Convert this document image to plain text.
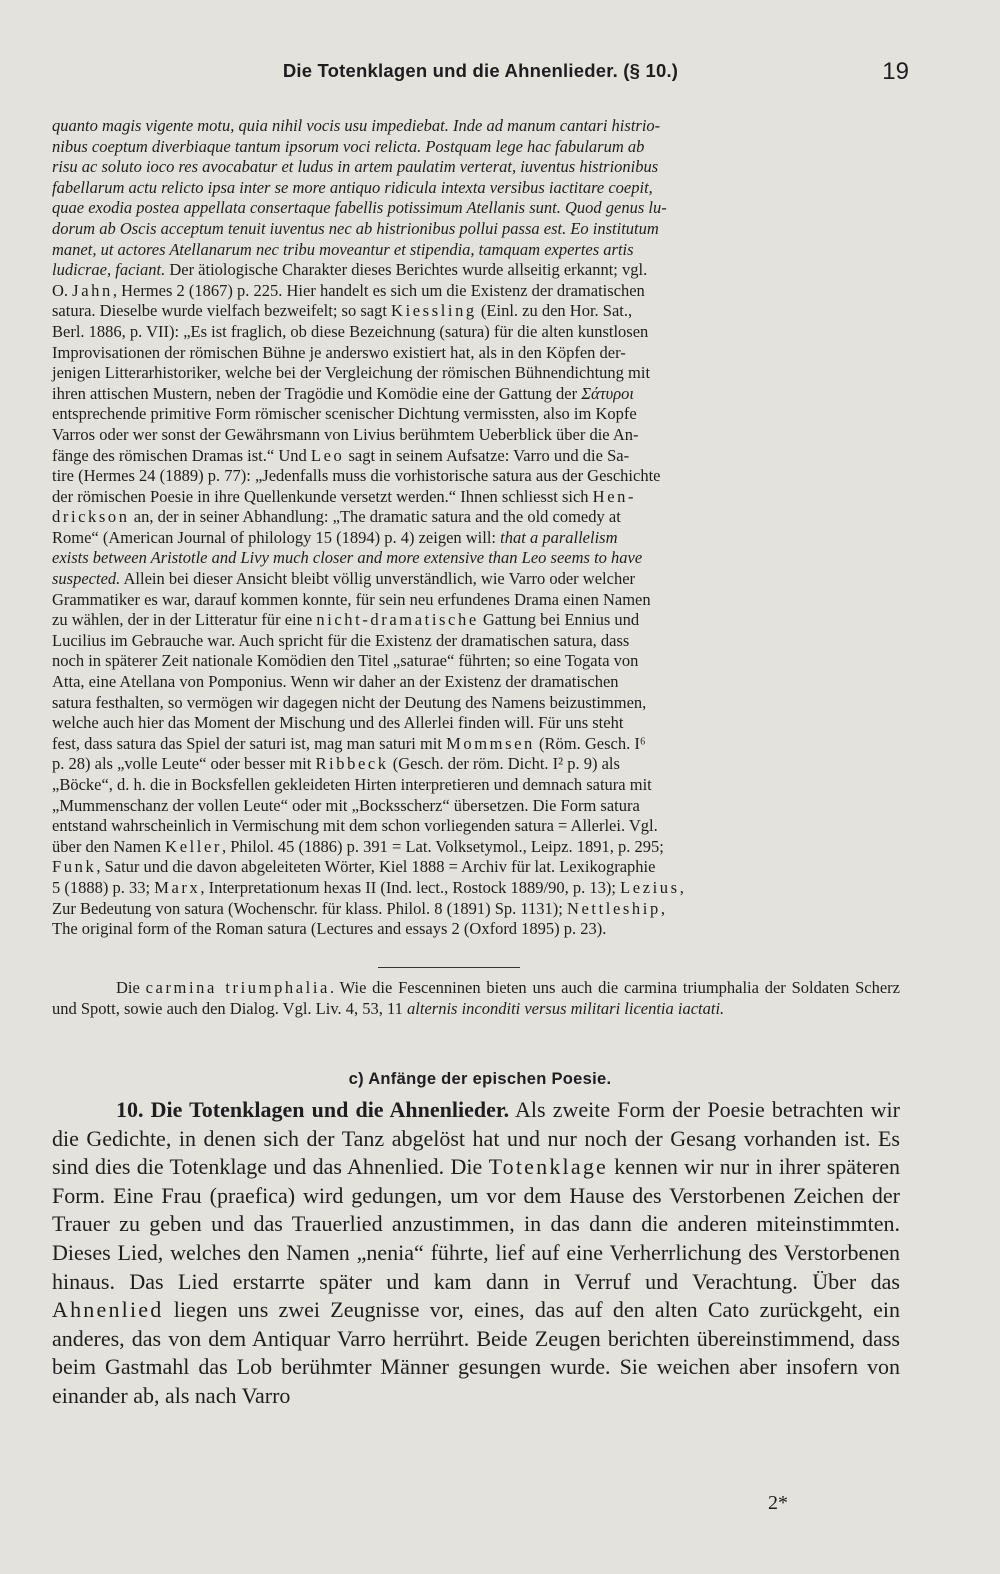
Die Totenklagen und die Ahnenlieder. (§ 10.)	19

quanto magis vigente motu, quia nihil vocis usu impediebat. Inde ad manum cantari histrio-

nibus coeptum diverbiaque tantum ipsorum voci relicta. Postquam lege hac fabularum ab

risu ac soluto ioco res avocabatur et ludus in artem paulatim verterat, iuventus histrionibus

fabellarum actu relicto ipsa inter se more antiquo ridicula intexta versibus iactitare coepit,

quae exodia postea appellata consertaque fabellis potissimum Atellanis sunt. Quod genus lu-

dorum ab Oscis acceptum tenuit iuventus nec ab histrionibus pollui passa est. Eo institutum

manet, ut actores Atellanarum nec tribu moveantur et stipendia, tamquam expertes artis

ludicrae, faciant. Der ätiologische Charakter dieses Berichtes wurde allseitig erkannt; vgl.

O. Jahn, Hermes 2 (1867) p. 225. Hier handelt es sich um die Existenz der dramatischen

satura. Dieselbe wurde vielfach bezweifelt; so sagt Kiessling (Einl. zu den Hor. Sat.,

Berl. 1886, p. VII): „Es ist fraglich, ob diese Bezeichnung (satura) für die alten kunstlosen

Improvisationen der römischen Bühne je anderswo existiert hat, als in den Köpfen der-

jenigen Litterarhistoriker, welche bei der Vergleichung der römischen Bühnendichtung mit

ihren attischen Mustern, neben der Tragödie und Komödie eine der Gattung der Σάτυροι

entsprechende primitive Form römischer scenischer Dichtung vermissten, also im Kopfe

Varros oder wer sonst der Gewährsmann von Livius berühmtem Ueberblick über die An-

fänge des römischen Dramas ist.“ Und Leo sagt in seinem Aufsatze: Varro und die Sa-

tire (Hermes 24 (1889) p. 77): „Jedenfalls muss die vorhistorische satura aus der Geschichte

der römischen Poesie in ihre Quellenkunde versetzt werden.“ Ihnen schliesst sich Hen-

drickson an, der in seiner Abhandlung: „The dramatic satura and the old comedy at

Rome“ (American Journal of philology 15 (1894) p. 4) zeigen will: that a parallelism

exists between Aristotle and Livy much closer and more extensive than Leo seems to have

suspected. Allein bei dieser Ansicht bleibt völlig unverständlich, wie Varro oder welcher

Grammatiker es war, darauf kommen konnte, für sein neu erfundenes Drama einen Namen

zu wählen, der in der Litteratur für eine nicht-dramatische Gattung bei Ennius und

Lucilius im Gebrauche war. Auch spricht für die Existenz der dramatischen satura, dass

noch in späterer Zeit nationale Komödien den Titel „saturae“ führten; so eine Togata von

Atta, eine Atellana von Pomponius. Wenn wir daher an der Existenz der dramatischen

satura festhalten, so vermögen wir dagegen nicht der Deutung des Namens beizustimmen,

welche auch hier das Moment der Mischung und des Allerlei finden will. Für uns steht

fest, dass satura das Spiel der saturi ist, mag man saturi mit Mommsen (Röm. Gesch. I⁶

p. 28) als „volle Leute“ oder besser mit Ribbeck (Gesch. der röm. Dicht. I² p. 9) als

„Böcke“, d. h. die in Bocksfellen gekleideten Hirten interpretieren und demnach satura mit

„Mummenschanz der vollen Leute“ oder mit „Bocksscherz“ übersetzen. Die Form satura

entstand wahrscheinlich in Vermischung mit dem schon vorliegenden satura = Allerlei. Vgl.

über den Namen Keller, Philol. 45 (1886) p. 391 = Lat. Volksetymol., Leipz. 1891, p. 295;

Funk, Satur und die davon abgeleiteten Wörter, Kiel 1888 = Archiv für lat. Lexikographie

5 (1888) p. 33; Marx, Interpretationum hexas II (Ind. lect., Rostock 1889/90, p. 13); Lezius,

Zur Bedeutung von satura (Wochenschr. für klass. Philol. 8 (1891) Sp. 1131); Nettleship,

The original form of the Roman satura (Lectures and essays 2 (Oxford 1895) p. 23).

Die carmina triumphalia. Wie die Fescenninen bieten uns auch die carmina triumphalia der Soldaten Scherz und Spott, sowie auch den Dialog. Vgl. Liv. 4, 53, 11 alternis inconditi versus militari licentia iactati.

c) Anfänge der epischen Poesie.

10. Die Totenklagen und die Ahnenlieder. Als zweite Form der Poesie betrachten wir die Gedichte, in denen sich der Tanz abgelöst hat und nur noch der Gesang vorhanden ist. Es sind dies die Totenklage und das Ahnenlied. Die Totenklage kennen wir nur in ihrer späteren Form. Eine Frau (praefica) wird gedungen, um vor dem Hause des Verstorbenen Zeichen der Trauer zu geben und das Trauerlied anzustimmen, in das dann die anderen miteinstimmten. Dieses Lied, welches den Namen „nenia“ führte, lief auf eine Verherrlichung des Verstorbenen hinaus. Das Lied erstarrte später und kam dann in Verruf und Verachtung. Über das Ahnenlied liegen uns zwei Zeugnisse vor, eines, das auf den alten Cato zurückgeht, ein anderes, das von dem Antiquar Varro herrührt. Beide Zeugen berichten übereinstimmend, dass beim Gastmahl das Lob berühmter Männer gesungen wurde. Sie weichen aber insofern von einander ab, als nach Varro

2*
